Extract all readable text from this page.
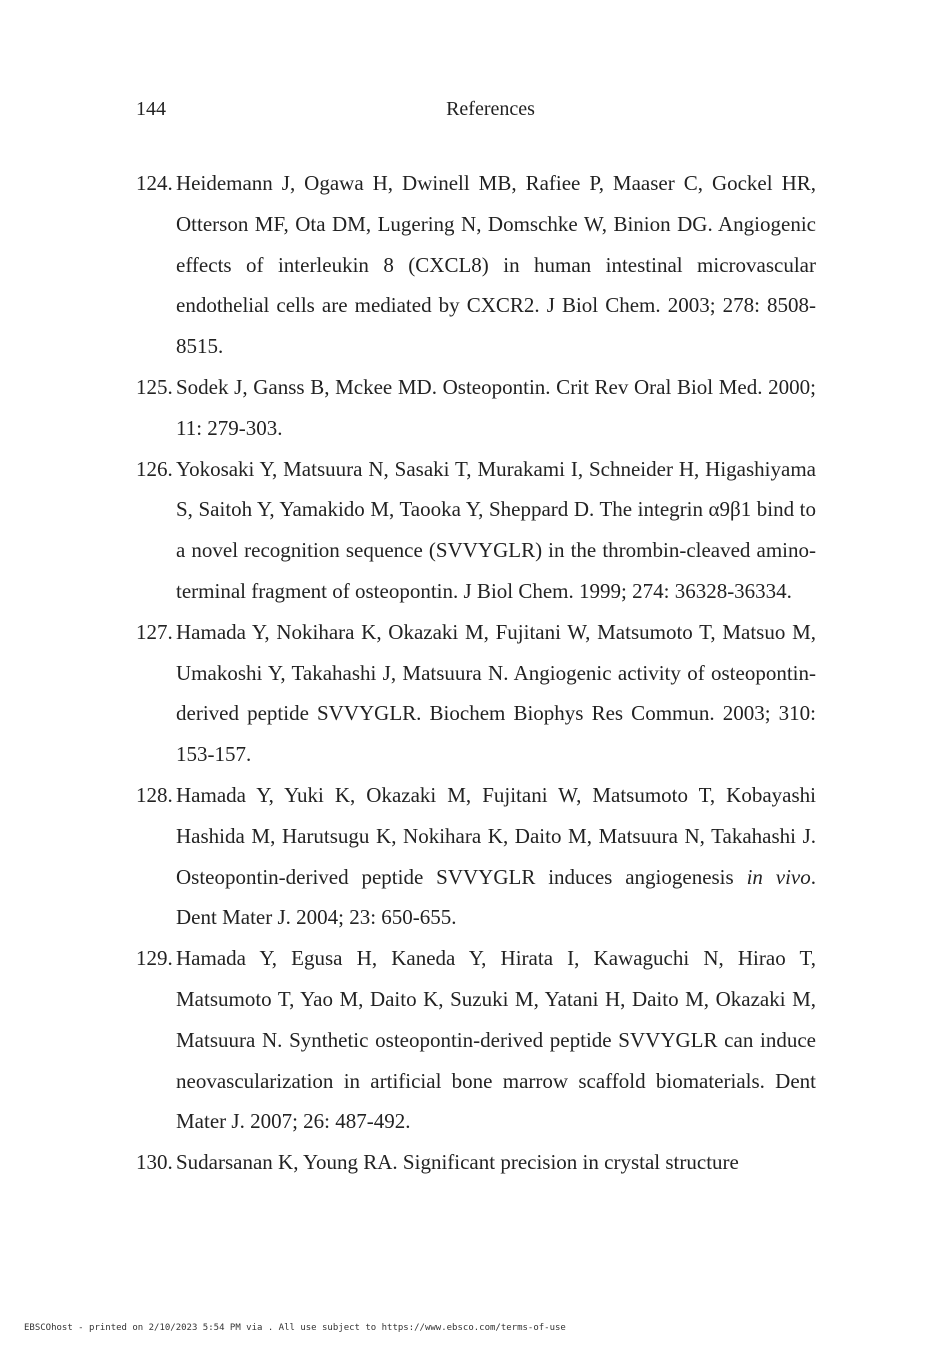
144	References
124. Heidemann J, Ogawa H, Dwinell MB, Rafiee P, Maaser C, Gockel HR, Otterson MF, Ota DM, Lugering N, Domschke W, Binion DG. Angiogenic effects of interleukin 8 (CXCL8) in human intestinal microvascular endothelial cells are mediated by CXCR2. J Biol Chem. 2003; 278: 8508-8515.
125. Sodek J, Ganss B, Mckee MD. Osteopontin. Crit Rev Oral Biol Med. 2000; 11: 279-303.
126. Yokosaki Y, Matsuura N, Sasaki T, Murakami I, Schneider H, Higashiyama S, Saitoh Y, Yamakido M, Taooka Y, Sheppard D. The integrin α9β1 bind to a novel recognition sequence (SVVYGLR) in the thrombin-cleaved amino-terminal fragment of osteopontin. J Biol Chem. 1999; 274: 36328-36334.
127. Hamada Y, Nokihara K, Okazaki M, Fujitani W, Matsumoto T, Matsuo M, Umakoshi Y, Takahashi J, Matsuura N. Angiogenic activity of osteopontin- derived peptide SVVYGLR. Biochem Biophys Res Commun. 2003; 310: 153-157.
128. Hamada Y, Yuki K, Okazaki M, Fujitani W, Matsumoto T, Kobayashi Hashida M, Harutsugu K, Nokihara K, Daito M, Matsuura N, Takahashi J. Osteopontin-derived peptide SVVYGLR induces angiogenesis in vivo. Dent Mater J. 2004; 23: 650-655.
129. Hamada Y, Egusa H, Kaneda Y, Hirata I, Kawaguchi N, Hirao T, Matsumoto T, Yao M, Daito K, Suzuki M, Yatani H, Daito M, Okazaki M, Matsuura N. Synthetic osteopontin-derived peptide SVVYGLR can induce neovascularization in artificial bone marrow scaffold biomaterials. Dent Mater J. 2007; 26: 487-492.
130. Sudarsanan K, Young RA. Significant precision in crystal structure
EBSCOhost - printed on 2/10/2023 5:54 PM via . All use subject to https://www.ebsco.com/terms-of-use
